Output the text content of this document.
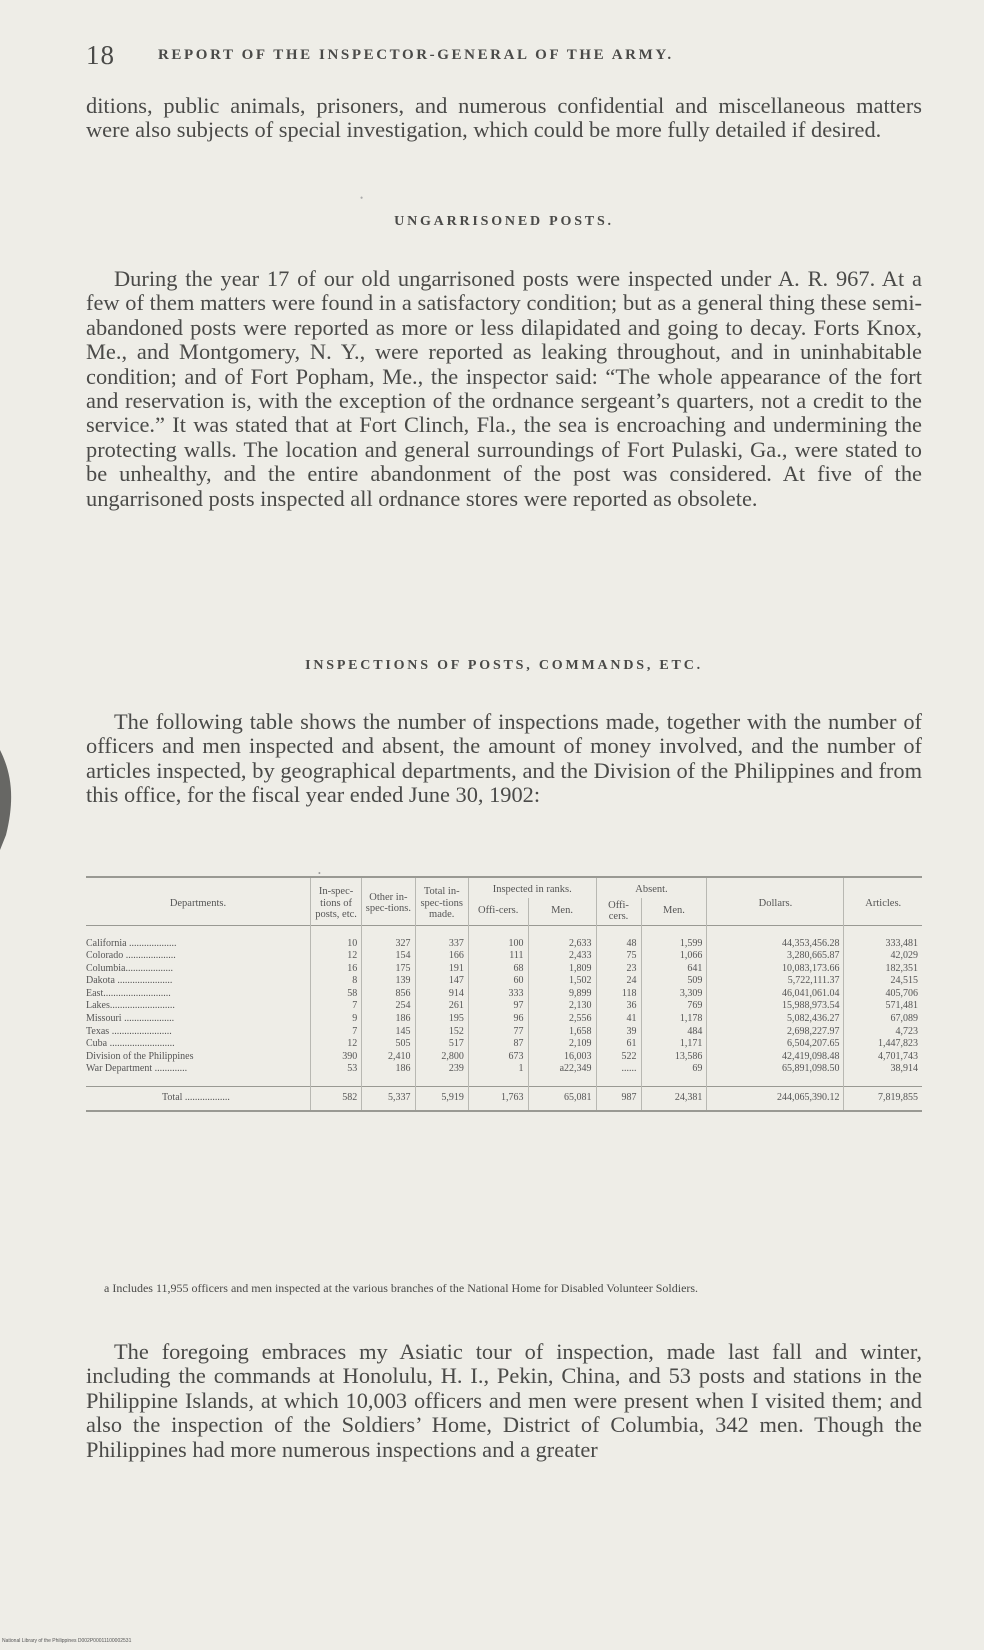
18	REPORT OF THE INSPECTOR-GENERAL OF THE ARMY.

ditions, public animals, prisoners, and numerous confidential and miscellaneous matters were also subjects of special investigation, which could be more fully detailed if desired.

•
UNGARRISONED POSTS.

During the year 17 of our old ungarrisoned posts were inspected under A. R. 967. At a few of them matters were found in a satisfactory condition; but as a general thing these semi-abandoned posts were reported as more or less dilapidated and going to decay. Forts Knox, Me., and Montgomery, N. Y., were reported as leaking throughout, and in uninhabitable condition; and of Fort Popham, Me., the inspector said: “The whole appearance of the fort and reservation is, with the exception of the ordnance sergeant’s quarters, not a credit to the service.” It was stated that at Fort Clinch, Fla., the sea is encroaching and undermining the protecting walls. The location and general surroundings of Fort Pulaski, Ga., were stated to be unhealthy, and the entire abandonment of the post was considered. At five of the ungarrisoned posts inspected all ordnance stores were reported as obsolete.

INSPECTIONS OF POSTS, COMMANDS, ETC.

The following table shows the number of inspections made, together with the number of officers and men inspected and absent, the amount of money involved, and the number of articles inspected, by geographical departments, and the Division of the Philippines and from this office, for the fiscal year ended June 30, 1902:

•
Departments.	In-spec-tions of posts, etc.	Other in-spec-tions.	Total in-spec-tions made.	Inspected in ranks.		Absent.		Dollars.	Articles.
				Offi-cers.	Men.	Offi-cers.	Men.		
California ...................	10	327	337	100	2,633	48	1,599	44,353,456.28	333,481
Colorado ....................	12	154	166	111	2,433	75	1,066	3,280,665.87	42,029
Columbia...................	16	175	191	68	1,809	23	641	10,083,173.66	182,351
Dakota ......................	8	139	147	60	1,502	24	509	5,722,111.37	24,515
East...........................	58	856	914	333	9,899	118	3,309	46,041,061.04	405,706
Lakes..........................	7	254	261	97	2,130	36	769	15,988,973.54	571,481
Missouri ....................	9	186	195	96	2,556	41	1,178	5,082,436.27	67,089
Texas ........................	7	145	152	77	1,658	39	484	2,698,227.97	4,723
Cuba ..........................	12	505	517	87	2,109	61	1,171	6,504,207.65	1,447,823
Division of the Philippines	390	2,410	2,800	673	16,003	522	13,586	42,419,098.48	4,701,743
War Department .............	53	186	239	1	a22,349	......	69	65,891,098.50	38,914
Total ..................	582	5,337	5,919	1,763	65,081	987	24,381	244,065,390.12	7,819,855

a Includes 11,955 officers and men inspected at the various branches of the National Home for Disabled Volunteer Soldiers.

The foregoing embraces my Asiatic tour of inspection, made last fall and winter, including the commands at Honolulu, H. I., Pekin, China, and 53 posts and stations in the Philippine Islands, at which 10,003 officers and men were present when I visited them; and also the inspection of the Soldiers’ Home, District of Columbia, 342 men. Though the Philippines had more numerous inspections and a greater

National Library of the Philippines D002P00011100002531
